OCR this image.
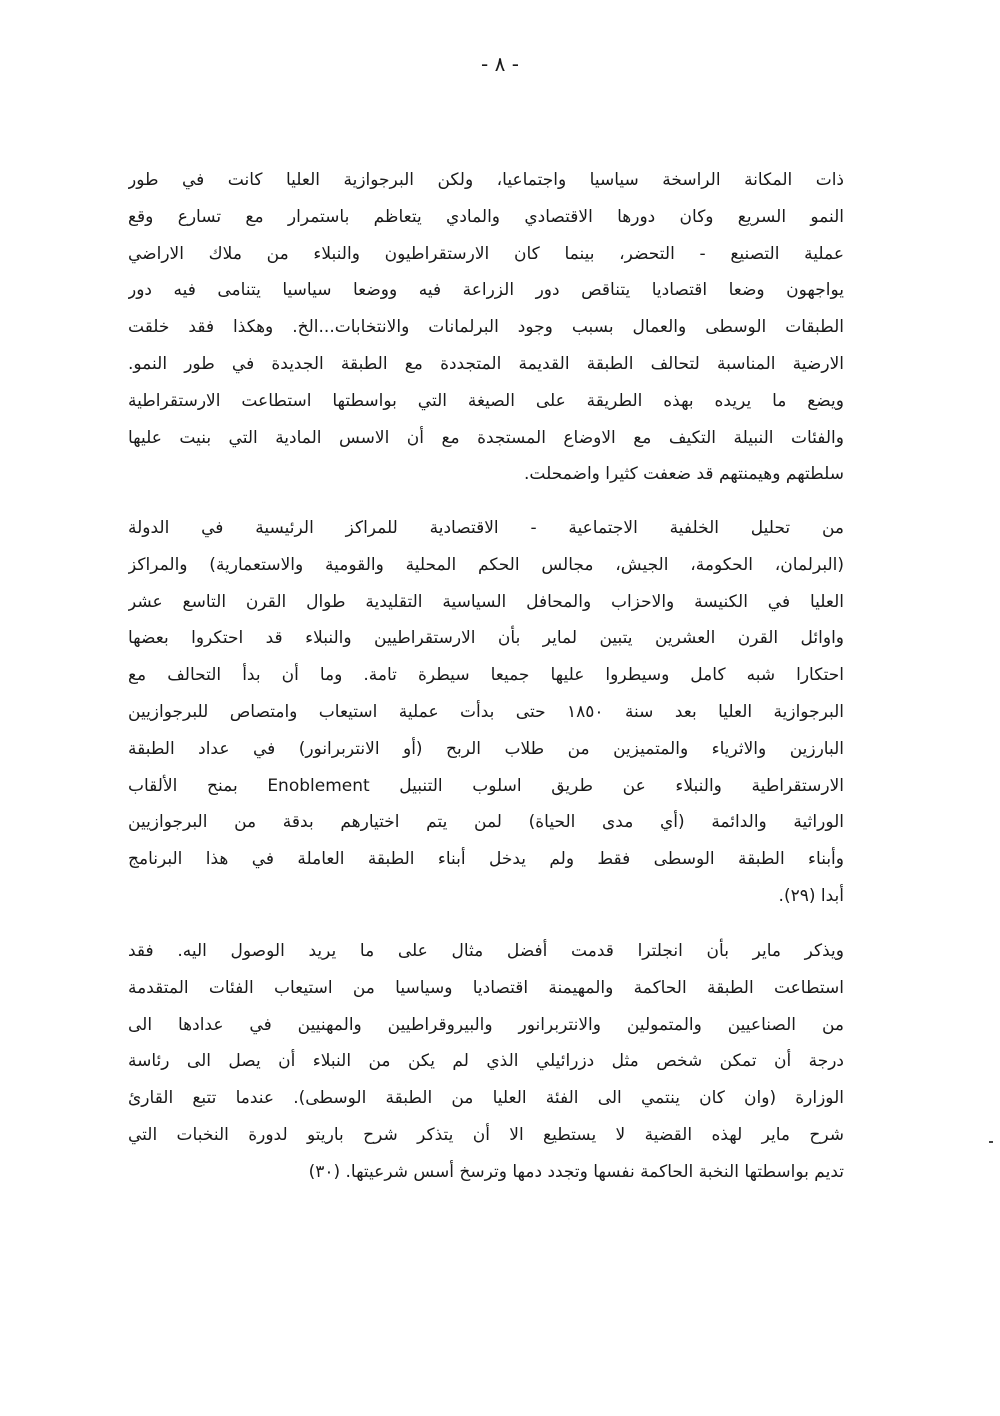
- ٨ -
ذات المكانة الراسخة سياسيا واجتماعيا، ولكن البرجوازية العليا كانت في طور
النمو السريع وكان دورها الاقتصادي والمادي يتعاظم باستمرار مع تسارع وقع
عملية التصنيع - التحضر، بينما كان الارستقراطيون والنبلاء من ملاك الاراضي
يواجهون وضعا اقتصاديا يتناقص دور الزراعة فيه ووضعا سياسيا يتنامى فيه دور
الطبقات الوسطى والعمال بسبب وجود البرلمانات والانتخابات...الخ. وهكذا فقد خلقت
الارضية المناسبة لتحالف الطبقة القديمة المتجددة مع الطبقة الجديدة في طور النمو.
ويضع ما يريده بهذه الطريقة على الصيغة التي بواسطتها استطاعت الارستقراطية
والفئات النبيلة التكيف مع الاوضاع المستجدة مع أن الاسس المادية التي بنيت عليها
سلطتهم وهيمنتهم قد ضعفت كثيرا واضمحلت.
من تحليل الخلفية الاجتماعية - الاقتصادية للمراكز الرئيسية في الدولة
(البرلمان، الحكومة، الجيش، مجالس الحكم المحلية والقومية والاستعمارية) والمراكز
العليا في الكنيسة والاحزاب والمحافل السياسية التقليدية طوال القرن التاسع عشر
واوائل القرن العشرين يتبين لماير بأن الارستقراطيين والنبلاء قد احتكروا بعضها
احتكارا شبه كامل وسيطروا عليها جميعا سيطرة تامة. وما أن بدأ التحالف مع
البرجوازية العليا بعد سنة ١٨٥٠ حتى بدأت عملية استيعاب وامتصاص للبرجوازيين
البارزين والاثرياء والمتميزين من طلاب الربح (أو الانتربرانور) في عداد الطبقة
الارستقراطية والنبلاء عن طريق اسلوب التنبيل Enoblement بمنح الألقاب
الوراثية والدائمة (أي مدى الحياة) لمن يتم اختيارهم بدقة من البرجوازيين
وأبناء الطبقة الوسطى فقط ولم يدخل أبناء الطبقة العاملة في هذا البرنامج
أبدا (٢٩).
ويذكر ماير بأن انجلترا قدمت أفضل مثال على ما يريد الوصول اليه. فقد
استطاعت الطبقة الحاكمة والمهيمنة اقتصاديا وسياسيا من استيعاب الفئات المتقدمة
من الصناعيين والمتمولين والانتربرانور والبيروقراطيين والمهنيين في عدادها الى
درجة أن تمكن شخص مثل دزرائيلي الذي لم يكن من النبلاء أن يصل الى رئاسة
الوزارة (وان كان ينتمي الى الفئة العليا من الطبقة الوسطى). عندما تتبع القارئ
شرح ماير لهذه القضية لا يستطيع الا أن يتذكر شرح باريتو لدورة النخبات التي
تديم بواسطتها النخبة الحاكمة نفسها وتجدد دمها وترسخ أسس شرعيتها. (٣٠)
